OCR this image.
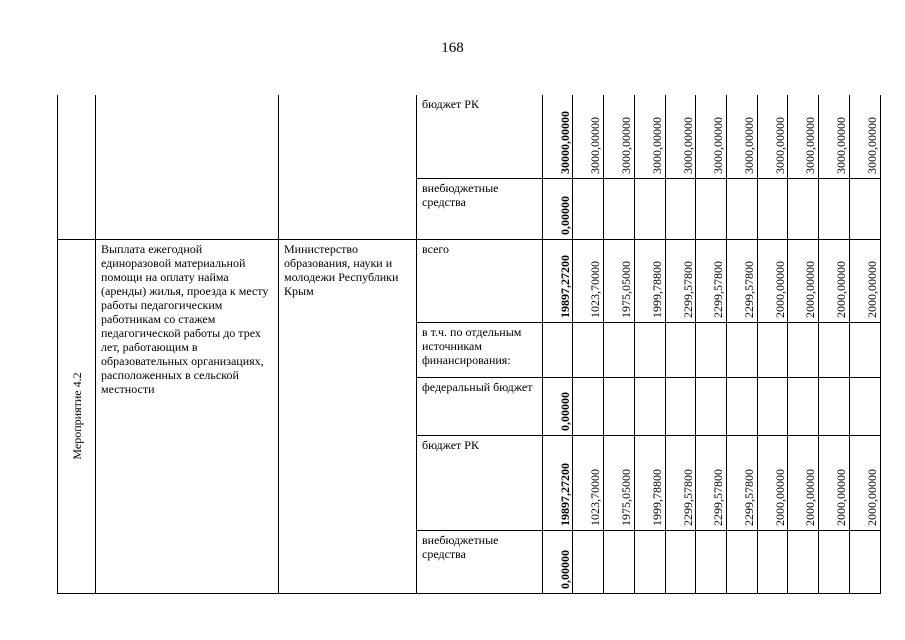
168

			бюджет РК	30000,00000	3000,00000	3000,00000	3000,00000	3000,00000	3000,00000	3000,00000	3000,00000	3000,00000	3000,00000	3000,00000

			внебюджетные средства	0,00000										

Мероприятие 4.2	Выплата ежегодной единоразовой материальной помощи на оплату найма (аренды) жилья, проезда к месту работы педагогическим работникам со стажем педагогической работы до трех лет, работающим в образовательных организациях, расположенных в сельской местности	Министерство образования, науки и молодежи Республики Крым	всего	19897,27200	1023,70000	1975,05000	1999,78800	2299,57800	2299,57800	2299,57800	2000,00000	2000,00000	2000,00000	2000,00000

			в т.ч. по отдельным источникам финансирования:											

			федеральный бюджет	0,00000										

			бюджет РК	19897,27200	1023,70000	1975,05000	1999,78800	2299,57800	2299,57800	2299,57800	2000,00000	2000,00000	2000,00000	2000,00000

			внебюджетные средства	0,00000										
